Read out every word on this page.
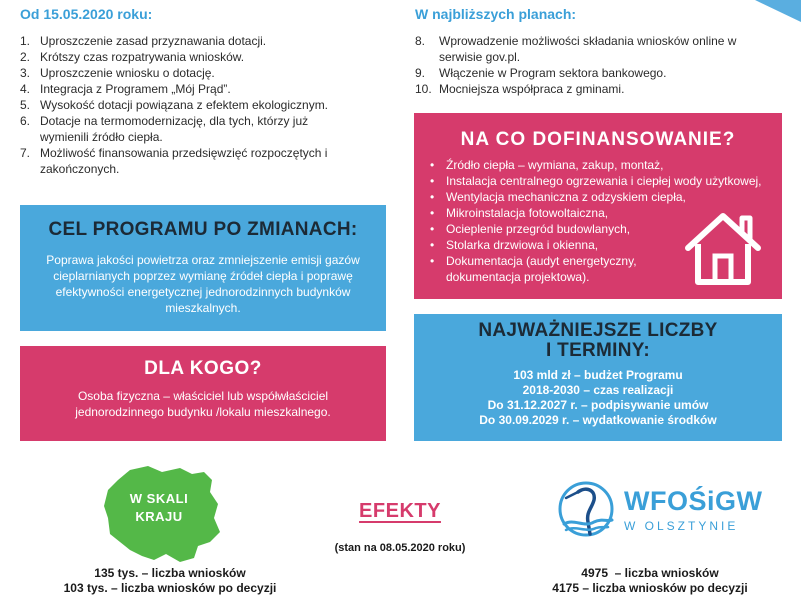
Od 15.05.2020 roku:	W najbliższych planach:
1. Uproszczenie zasad przyznawania dotacji.
2. Krótszy czas rozpatrywania wniosków.
3. Uproszczenie wniosku o dotację.
4. Integracja z Programem „Mój Prąd”.
5. Wysokość dotacji powiązana z efektem ekologicznym.
6. Dotacje na termomodernizację, dla tych, którzy już wymienili źródło ciepła.
7. Możliwość finansowania przedsięwzięć rozpoczętych i zakończonych.
8. Wprowadzenie możliwości składania wniosków online w serwisie gov.pl.
9. Włączenie w Program sektora bankowego.
10. Mocniejsza współpraca z gminami.
NA CO DOFINANSOWANIE?
• Źródło ciepła – wymiana, zakup, montaż,
• Instalacja centralnego ogrzewania i ciepłej wody użytkowej,
• Wentylacja mechaniczna z odzyskiem ciepła,
• Mikroinstalacja fotowoltaiczna,
• Ocieplenie przegród budowlanych,
• Stolarka drzwiowa i okienna,
• Dokumentacja (audyt energetyczny, dokumentacja projektowa).
CEL PROGRAMU PO ZMIANACH:
Poprawa jakości powietrza oraz zmniejszenie emisji gazów cieplarnianych poprzez wymianę źródeł ciepła i poprawę efektywności energetycznej jednorodzinnych budynków mieszkalnych.
NAJWAŻNIEJSZE LICZBY
I TERMINY:
103 mld zł – budżet Programu
2018-2030 – czas realizacji
Do 31.12.2027 r. – podpisywanie umów
Do 30.09.2029 r. – wydatkowanie środków
DLA KOGO?
Osoba fizyczna – właściciel lub współwłaściciel jednorodzinnego budynku /lokalu mieszkalnego.
W SKALI
KRAJU
135 tys. – liczba wniosków
103 tys. – liczba wniosków po decyzji
EFEKTY
(stan na 08.05.2020 roku)
WFOŚiGW
W OLSZTYNIE
4975  – liczba wniosków
4175 – liczba wniosków po decyzji
